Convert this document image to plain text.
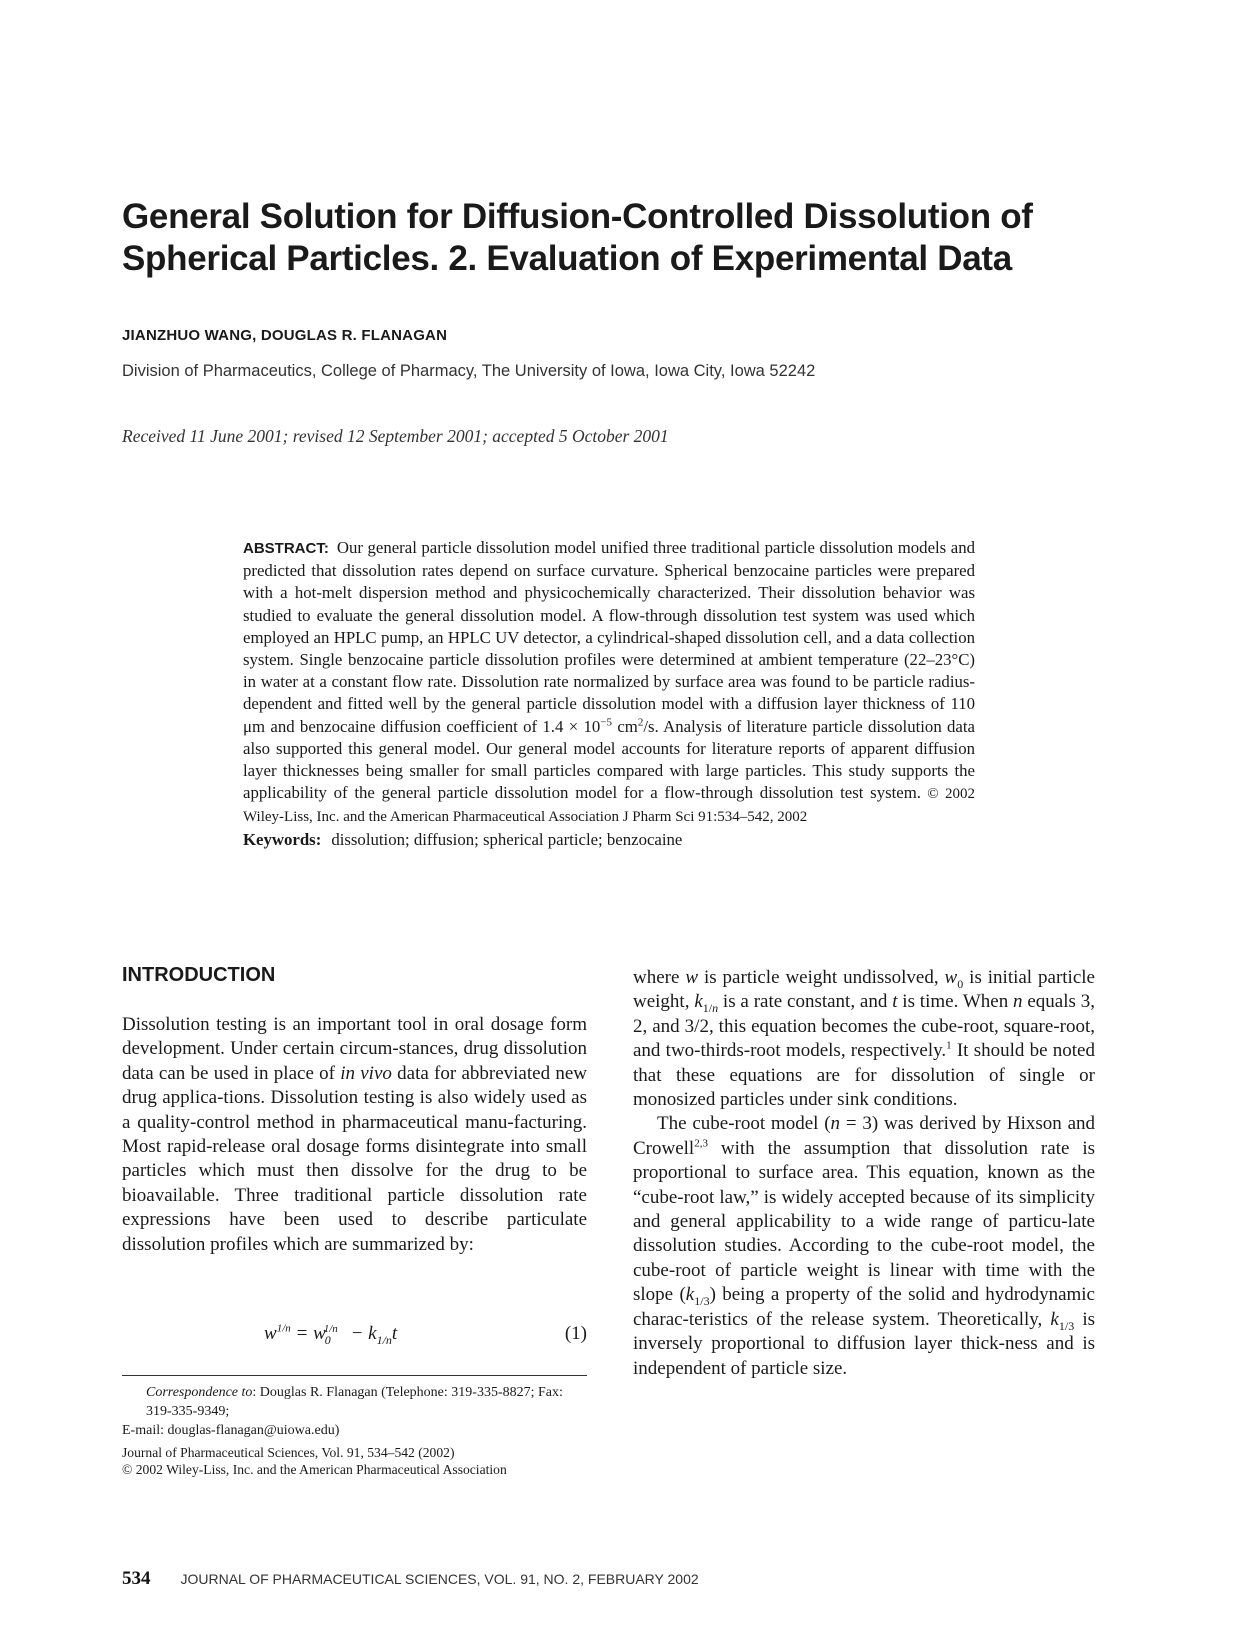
General Solution for Diffusion-Controlled Dissolution of
Spherical Particles. 2. Evaluation of Experimental Data
JIANZHUO WANG, DOUGLAS R. FLANAGAN
Division of Pharmaceutics, College of Pharmacy, The University of Iowa, Iowa City, Iowa 52242
Received 11 June 2001; revised 12 September 2001; accepted 5 October 2001
ABSTRACT: Our general particle dissolution model unified three traditional particle dissolution models and predicted that dissolution rates depend on surface curvature. Spherical benzocaine particles were prepared with a hot-melt dispersion method and physicochemically characterized. Their dissolution behavior was studied to evaluate the general dissolution model. A flow-through dissolution test system was used which employed an HPLC pump, an HPLC UV detector, a cylindrical-shaped dissolution cell, and a data collection system. Single benzocaine particle dissolution profiles were determined at ambient temperature (22–23°C) in water at a constant flow rate. Dissolution rate normalized by surface area was found to be particle radius-dependent and fitted well by the general particle dissolution model with a diffusion layer thickness of 110 μm and benzocaine diffusion coefficient of $1.4 \times 10^{-5}$ $cm^2/s$. Analysis of literature particle dissolution data also supported this general model. Our general model accounts for literature reports of apparent diffusion layer thicknesses being smaller for small particles compared with large particles. This study supports the applicability of the general particle dissolution model for a flow-through dissolution test system. © 2002 Wiley-Liss, Inc. and the American Pharmaceutical Association J Pharm Sci 91:534–542, 2002
Keywords: dissolution; diffusion; spherical particle; benzocaine
INTRODUCTION
Dissolution testing is an important tool in oral dosage form development. Under certain circum-stances, drug dissolution data can be used in place of in vivo data for abbreviated new drug applica-tions. Dissolution testing is also widely used as a quality-control method in pharmaceutical manu-facturing. Most rapid-release oral dosage forms disintegrate into small particles which must then dissolve for the drug to be bioavailable. Three traditional particle dissolution rate expressions have been used to describe particulate dissolution profiles which are summarized by:
$w^{1/n} = w_0^{1/n} - k_{1/n}t$	(1)
Correspondence to: Douglas R. Flanagan (Telephone: 319-335-8827; Fax: 319-335-9349;
E-mail: douglas-flanagan@uiowa.edu)
Journal of Pharmaceutical Sciences, Vol. 91, 534–542 (2002)
© 2002 Wiley-Liss, Inc. and the American Pharmaceutical Association

where w is particle weight undissolved, $w_0$ is initial particle weight, $k_{1/n}$ is a rate constant, and t is time. When n equals 3, 2, and 3/2, this equation becomes the cube-root, square-root, and two-thirds-root models, respectively.$^1$ It should be noted that these equations are for dissolution of single or monosized particles under sink conditions.

The cube-root model (n = 3) was derived by Hixson and Crowell$^{2,3}$ with the assumption that dissolution rate is proportional to surface area. This equation, known as the “cube-root law,” is widely accepted because of its simplicity and general applicability to a wide range of particu-late dissolution studies. According to the cube-root model, the cube-root of particle weight is linear with time with the slope $(k_{1/3})$ being a property of the solid and hydrodynamic charac-teristics of the release system. Theoretically, $k_{1/3}$ is inversely proportional to diffusion layer thick-ness and is independent of particle size.

534 JOURNAL OF PHARMACEUTICAL SCIENCES, VOL. 91, NO. 2, FEBRUARY 2002
